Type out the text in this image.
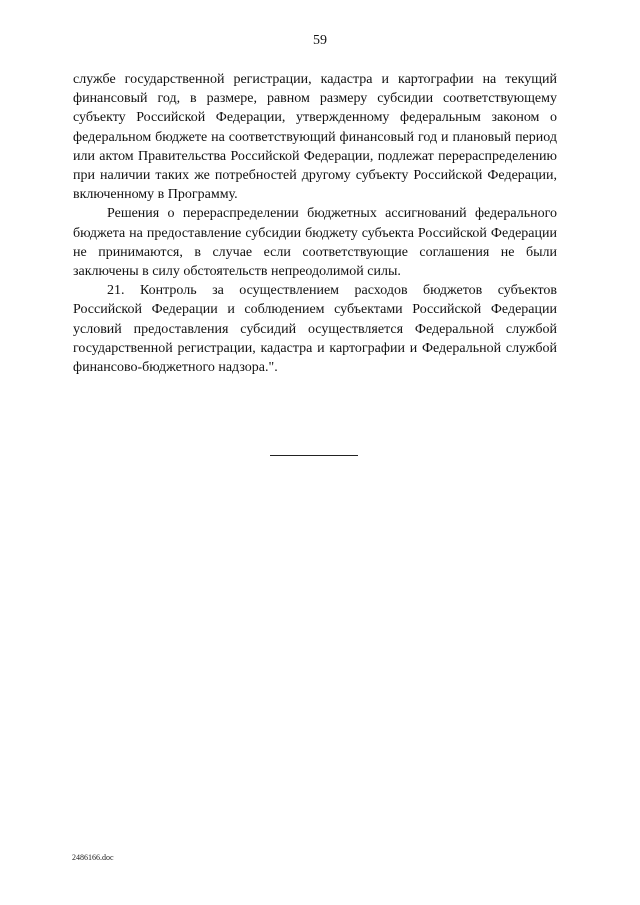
59

службе государственной регистрации, кадастра и картографии на текущий финансовый год, в размере, равном размеру субсидии соответствующему субъекту Российской Федерации, утвержденному федеральным законом о федеральном бюджете на соответствующий финансовый год и плановый период или актом Правительства Российской Федерации, подлежат перераспределению при наличии таких же потребностей другому субъекту Российской Федерации, включенному в Программу.

Решения о перераспределении бюджетных ассигнований федерального бюджета на предоставление субсидии бюджету субъекта Российской Федерации не принимаются, в случае если соответствующие соглашения не были заключены в силу обстоятельств непреодолимой силы.

21. Контроль за осуществлением расходов бюджетов субъектов Российской Федерации и соблюдением субъектами Российской Федерации условий предоставления субсидий осуществляется Федеральной службой государственной регистрации, кадастра и картографии и Федеральной службой финансово-бюджетного надзора.".

2486166.doc
